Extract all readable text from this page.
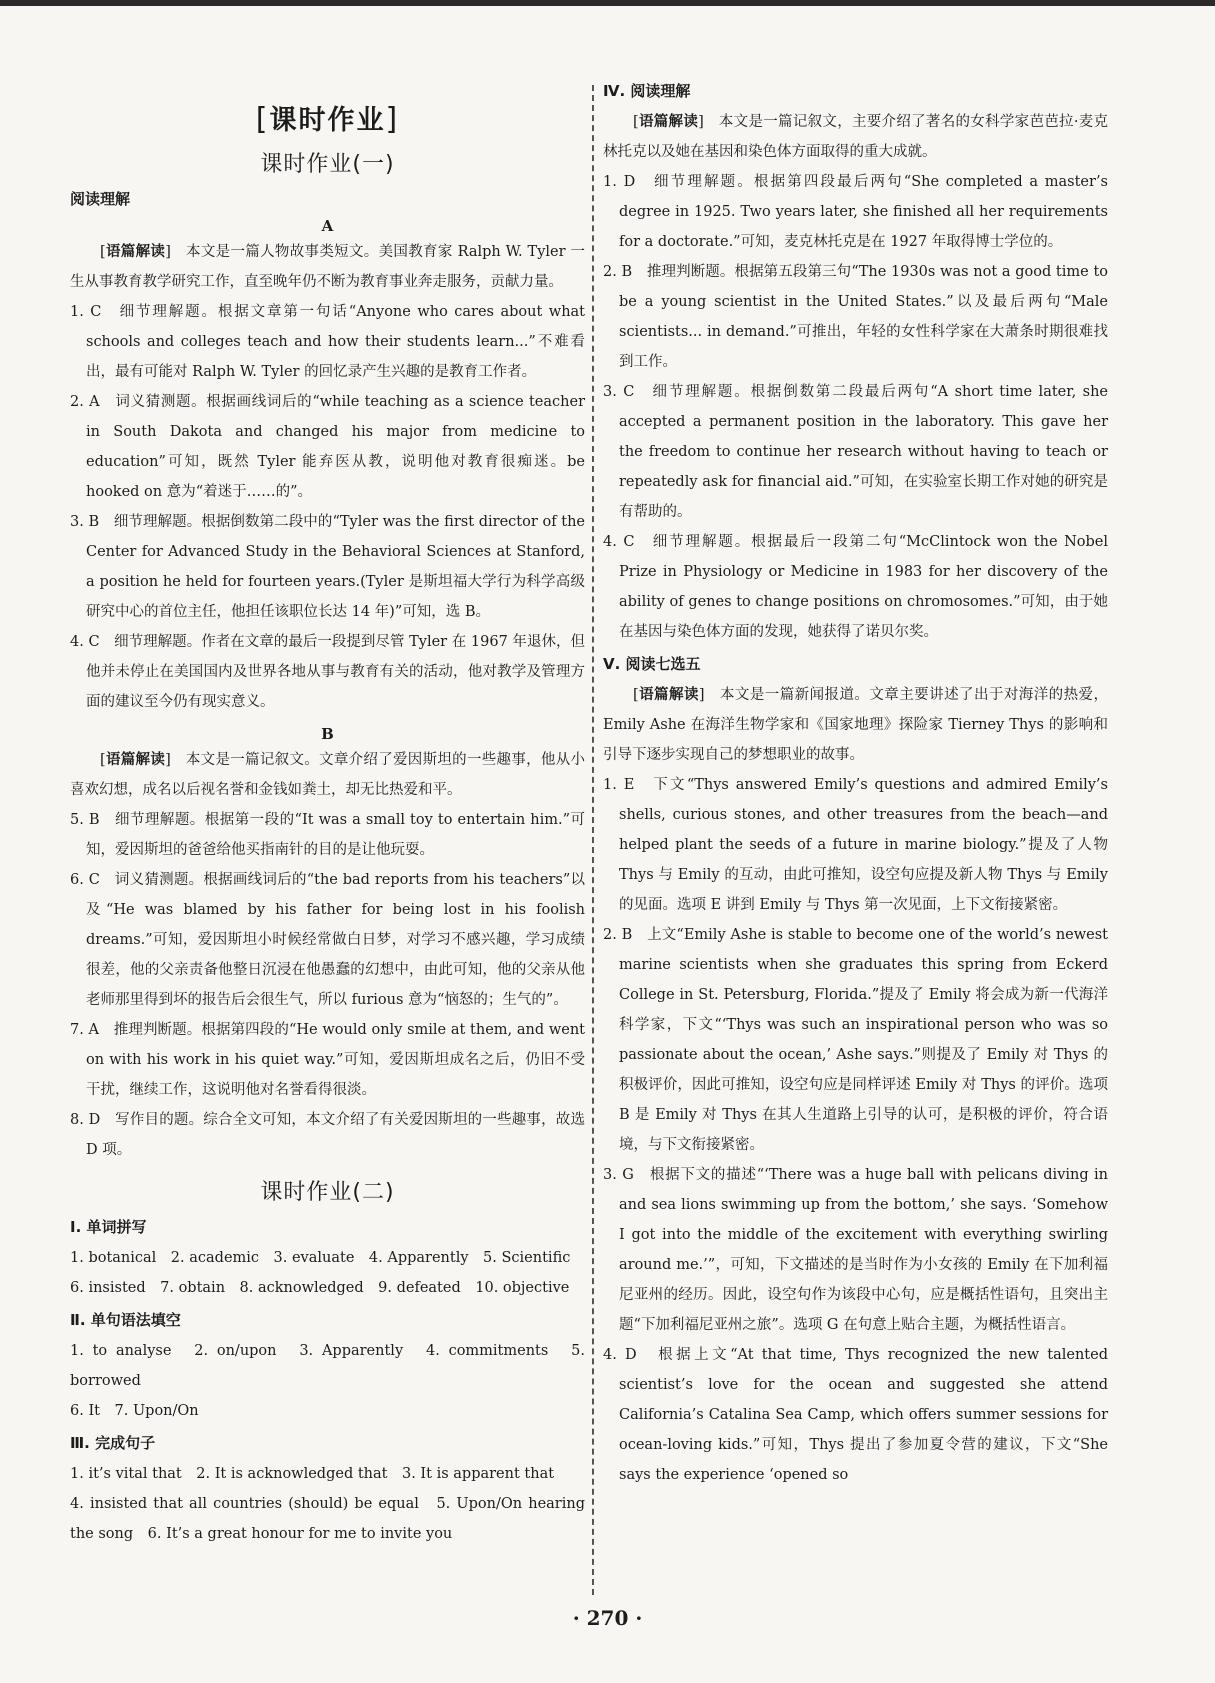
[课时作业]
课时作业(一)
阅读理解
A

[语篇解读]　本文是一篇人物故事类短文。美国教育家 Ralph W. Tyler 一生从事教育教学研究工作，直至晚年仍不断为教育事业奔走服务，贡献力量。

1. C　细节理解题。根据文章第一句话“Anyone who cares about what schools and colleges teach and how their students learn...”不难看出，最有可能对 Ralph W. Tyler 的回忆录产生兴趣的是教育工作者。

2. A　词义猜测题。根据画线词后的“while teaching as a science teacher in South Dakota and changed his major from medicine to education”可知，既然 Tyler 能弃医从教，说明他对教育很痴迷。be hooked on 意为“着迷于……的”。

3. B　细节理解题。根据倒数第二段中的“Tyler was the first director of the Center for Advanced Study in the Behavioral Sciences at Stanford, a position he held for fourteen years.(Tyler 是斯坦福大学行为科学高级研究中心的首位主任，他担任该职位长达 14 年)”可知，选 B。

4. C　细节理解题。作者在文章的最后一段提到尽管 Tyler 在 1967 年退休，但他并未停止在美国国内及世界各地从事与教育有关的活动，他对教学及管理方面的建议至今仍有现实意义。

B

[语篇解读]　本文是一篇记叙文。文章介绍了爱因斯坦的一些趣事，他从小喜欢幻想，成名以后视名誉和金钱如粪土，却无比热爱和平。

5. B　细节理解题。根据第一段的“It was a small toy to entertain him.”可知，爱因斯坦的爸爸给他买指南针的目的是让他玩耍。

6. C　词义猜测题。根据画线词后的“the bad reports from his teachers”以及“He was blamed by his father for being lost in his foolish dreams.”可知，爱因斯坦小时候经常做白日梦，对学习不感兴趣，学习成绩很差，他的父亲责备他整日沉浸在他愚蠢的幻想中，由此可知，他的父亲从他老师那里得到坏的报告后会很生气，所以 furious 意为“恼怒的；生气的”。

7. A　推理判断题。根据第四段的“He would only smile at them, and went on with his work in his quiet way.”可知，爱因斯坦成名之后，仍旧不受干扰，继续工作，这说明他对名誉看得很淡。

8. D　写作目的题。综合全文可知，本文介绍了有关爱因斯坦的一些趣事，故选 D 项。

课时作业(二)
Ⅰ. 单词拼写

1. botanical　2. academic　3. evaluate　4. Apparently　5. Scientific

6. insisted　7. obtain　8. acknowledged　9. defeated　10. objective

Ⅱ. 单句语法填空

1. to analyse　2. on/upon　3. Apparently　4. commitments　5. borrowed

6. It　7. Upon/On

Ⅲ. 完成句子

1. it’s vital that　2. It is acknowledged that　3. It is apparent that

4. insisted that all countries (should) be equal　5. Upon/On hearing the song　6. It’s a great honour for me to invite you

Ⅳ. 阅读理解

[语篇解读]　本文是一篇记叙文，主要介绍了著名的女科学家芭芭拉·麦克林托克以及她在基因和染色体方面取得的重大成就。

1. D　细节理解题。根据第四段最后两句“She completed a master’s degree in 1925. Two years later, she finished all her requirements for a doctorate.”可知，麦克林托克是在 1927 年取得博士学位的。

2. B　推理判断题。根据第五段第三句“The 1930s was not a good time to be a young scientist in the United States.”以及最后两句“Male scientists... in demand.”可推出，年轻的女性科学家在大萧条时期很难找到工作。

3. C　细节理解题。根据倒数第二段最后两句“A short time later, she accepted a permanent position in the laboratory. This gave her the freedom to continue her research without having to teach or repeatedly ask for financial aid.”可知，在实验室长期工作对她的研究是有帮助的。

4. C　细节理解题。根据最后一段第二句“McClintock won the Nobel Prize in Physiology or Medicine in 1983 for her discovery of the ability of genes to change positions on chromosomes.”可知，由于她在基因与染色体方面的发现，她获得了诺贝尔奖。

Ⅴ. 阅读七选五

[语篇解读]　本文是一篇新闻报道。文章主要讲述了出于对海洋的热爱，Emily Ashe 在海洋生物学家和《国家地理》探险家 Tierney Thys 的影响和引导下逐步实现自己的梦想职业的故事。

1. E　下文“Thys answered Emily’s questions and admired Emily’s shells, curious stones, and other treasures from the beach—and helped plant the seeds of a future in marine biology.”提及了人物 Thys 与 Emily 的互动，由此可推知，设空句应提及新人物 Thys 与 Emily 的见面。选项 E 讲到 Emily 与 Thys 第一次见面，上下文衔接紧密。

2. B　上文“Emily Ashe is stable to become one of the world’s newest marine scientists when she graduates this spring from Eckerd College in St. Petersburg, Florida.”提及了 Emily 将会成为新一代海洋科学家，下文“‘Thys was such an inspirational person who was so passionate about the ocean,’ Ashe says.”则提及了 Emily 对 Thys 的积极评价，因此可推知，设空句应是同样评述 Emily 对 Thys 的评价。选项 B 是 Emily 对 Thys 在其人生道路上引导的认可，是积极的评价，符合语境，与下文衔接紧密。

3. G　根据下文的描述“‘There was a huge ball with pelicans diving in and sea lions swimming up from the bottom,’ she says. ‘Somehow I got into the middle of the excitement with everything swirling around me.’”，可知，下文描述的是当时作为小女孩的 Emily 在下加利福尼亚州的经历。因此，设空句作为该段中心句，应是概括性语句，且突出主题“下加利福尼亚州之旅”。选项 G 在句意上贴合主题，为概括性语言。

4. D　根据上文“At that time, Thys recognized the new talented scientist’s love for the ocean and suggested she attend California’s Catalina Sea Camp, which offers summer sessions for ocean-loving kids.”可知，Thys 提出了参加夏令营的建议，下文“She says the experience ‘opened so

· 270 ·
